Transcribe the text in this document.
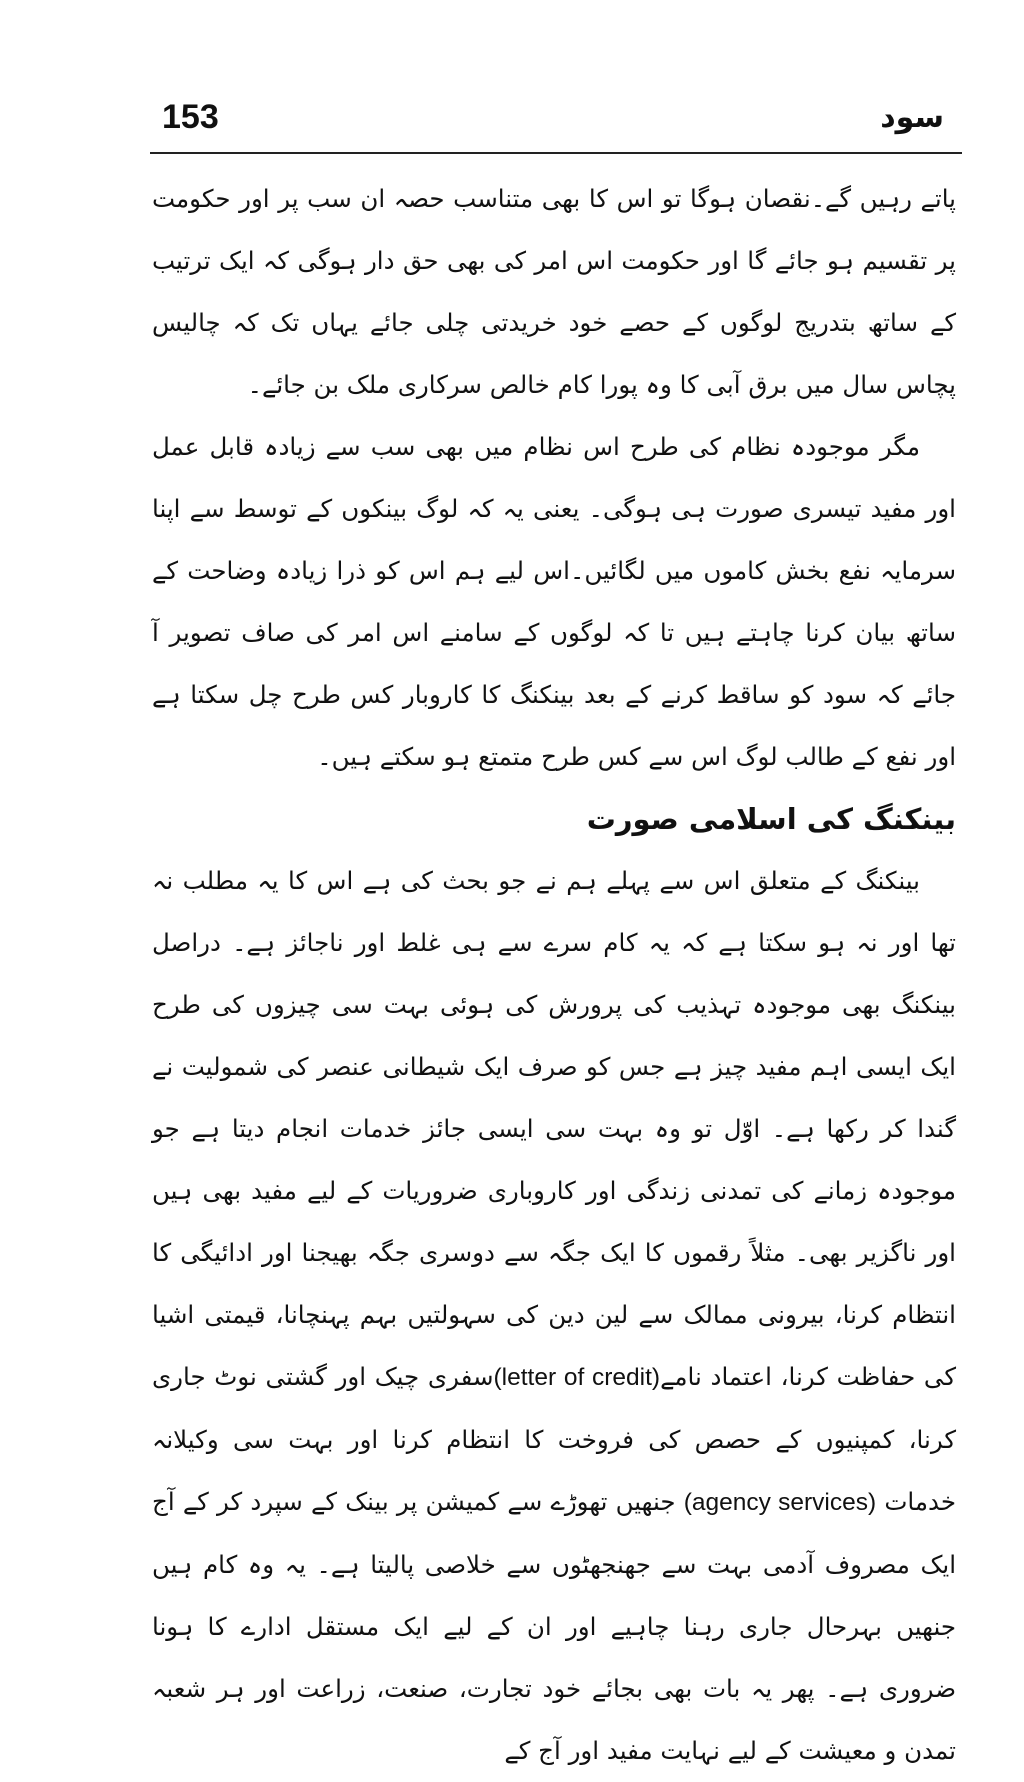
153	سود

پاتے رہیں گے۔نقصان ہوگا تو اس کا بھی متناسب حصہ ان سب پر اور حکومت پر تقسیم ہو جائے گا اور حکومت اس امر کی بھی حق دار ہوگی کہ ایک ترتیب کے ساتھ بتدریج لوگوں کے حصے خود خریدتی چلی جائے یہاں تک کہ چالیس پچاس سال میں برق آبی کا وہ پورا کام خالص سرکاری ملک بن جائے۔

مگر موجودہ نظام کی طرح اس نظام میں بھی سب سے زیادہ قابل عمل اور مفید تیسری صورت ہی ہوگی۔ یعنی یہ کہ لوگ بینکوں کے توسط سے اپنا سرمایہ نفع بخش کاموں میں لگائیں۔اس لیے ہم اس کو ذرا زیادہ وضاحت کے ساتھ بیان کرنا چاہتے ہیں تا کہ لوگوں کے سامنے اس امر کی صاف تصویر آ جائے کہ سود کو ساقط کرنے کے بعد بینکنگ کا کاروبار کس طرح چل سکتا ہے اور نفع کے طالب لوگ اس سے کس طرح متمتع ہو سکتے ہیں۔

بینکنگ کی اسلامی صورت

بینکنگ کے متعلق اس سے پہلے ہم نے جو بحث کی ہے اس کا یہ مطلب نہ تھا اور نہ ہو سکتا ہے کہ یہ کام سرے سے ہی غلط اور ناجائز ہے۔ دراصل بینکنگ بھی موجودہ تہذیب کی پرورش کی ہوئی بہت سی چیزوں کی طرح ایک ایسی اہم مفید چیز ہے جس کو صرف ایک شیطانی عنصر کی شمولیت نے گندا کر رکھا ہے۔ اوّل تو وہ بہت سی ایسی جائز خدمات انجام دیتا ہے جو موجودہ زمانے کی تمدنی زندگی اور کاروباری ضروریات کے لیے مفید بھی ہیں اور ناگزیر بھی۔ مثلاً رقموں کا ایک جگہ سے دوسری جگہ بھیجنا اور ادائیگی کا انتظام کرنا، بیرونی ممالک سے لین دین کی سہولتیں بہم پہنچانا، قیمتی اشیا کی حفاظت کرنا، اعتماد نامے(letter of credit)سفری چیک اور گشتی نوٹ جاری کرنا، کمپنیوں کے حصص کی فروخت کا انتظام کرنا اور بہت سی وکیلانہ خدمات (agency services) جنھیں تھوڑے سے کمیشن پر بینک کے سپرد کر کے آج ایک مصروف آدمی بہت سے جھنجھٹوں سے خلاصی پالیتا ہے۔ یہ وہ کام ہیں جنھیں بہرحال جاری رہنا چاہیے اور ان کے لیے ایک مستقل ادارے کا ہونا ضروری ہے۔ پھر یہ بات بھی بجائے خود تجارت، صنعت، زراعت اور ہر شعبہ تمدن و معیشت کے لیے نہایت مفید اور آج کے
